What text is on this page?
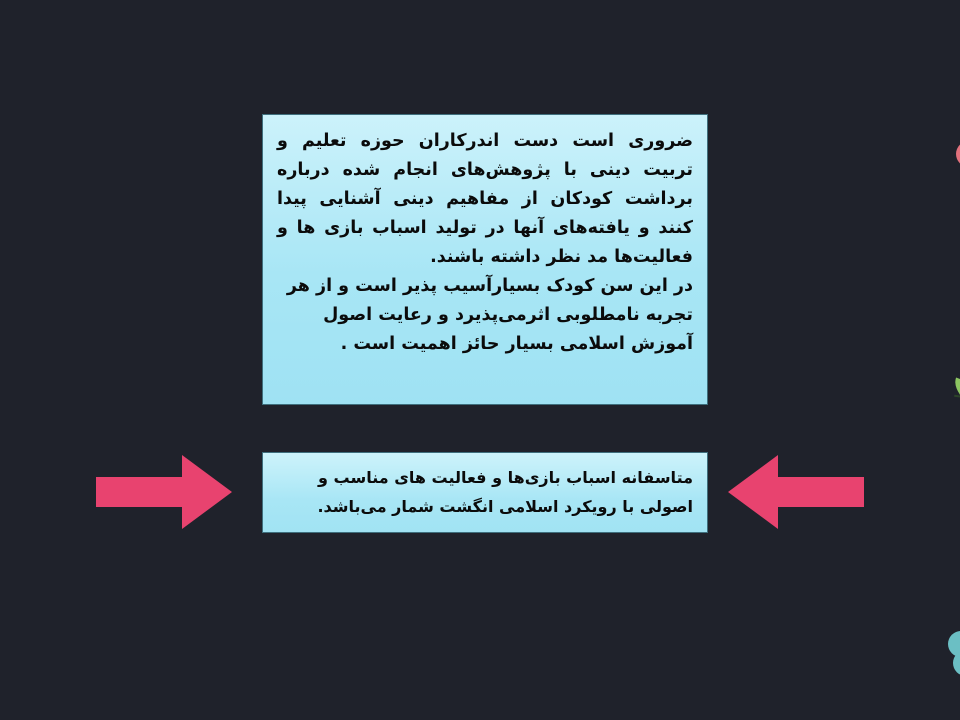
ضروری است دست اندرکاران حوزه تعلیم و تربیت دینی با پژوهش‌های انجام شده درباره برداشت کودکان از مفاهیم دینی آشنایی پیدا کنند و یافته‌های آنها در تولید اسباب بازی ها و فعالیت‌ها مد نظر داشته باشند.

در این سن کودک بسیارآسیب پذیر است و از هر تجربه نامطلوبی اثرمی‌پذیرد و رعایت اصول آموزش اسلامی بسیار حائز اهمیت است .

متاسفانه اسباب بازی‌ها و فعالیت های مناسب و اصولی با رویکرد اسلامی انگشت شمار می‌باشد.
